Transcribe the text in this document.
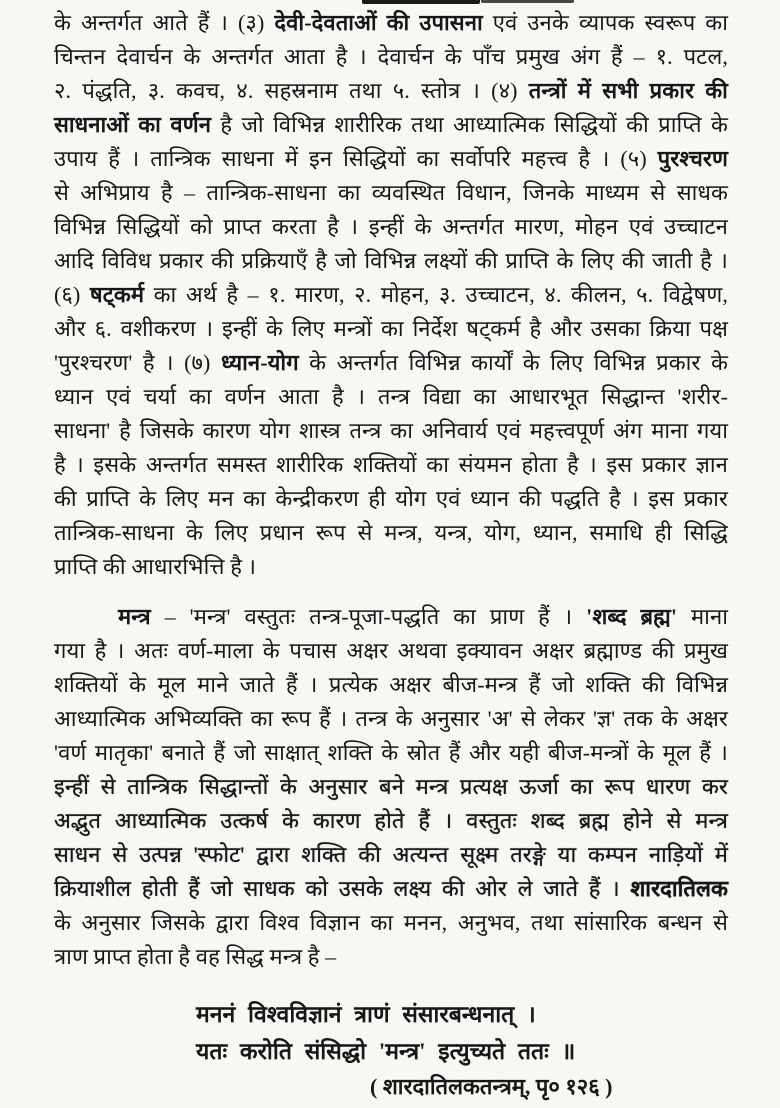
के अन्तर्गत आते हैं । (३) देवी-देवताओं की उपासना एवं उनके व्यापक स्वरूप का
चिन्तन देवार्चन के अन्तर्गत आता है । देवार्चन के पाँच प्रमुख अंग हैं – १. पटल,
२. पंद्धति, ३. कवच, ४. सहस्रनाम तथा ५. स्तोत्र । (४) तन्त्रों में सभी प्रकार की
साधनाओं का वर्णन है जो विभिन्न शारीरिक तथा आध्यात्मिक सिद्धियों की प्राप्ति के
उपाय हैं । तान्त्रिक साधना में इन सिद्धियों का सर्वोपरि महत्त्व है । (५) पुरश्चरण
से अभिप्राय है – तान्त्रिक-साधना का व्यवस्थित विधान, जिनके माध्यम से साधक
विभिन्न सिद्धियों को प्राप्त करता है । इन्हीं के अन्तर्गत मारण, मोहन एवं उच्चाटन
आदि विविध प्रकार की प्रक्रियाएँ है जो विभिन्न लक्ष्यों की प्राप्ति के लिए की जाती है ।
(६) षट्कर्म का अर्थ है – १. मारण, २. मोहन, ३. उच्चाटन, ४. कीलन, ५. विद्वेषण,
और ६. वशीकरण । इन्हीं के लिए मन्त्रों का निर्देश षट्कर्म है और उसका क्रिया पक्ष
'पुरश्चरण' है । (७) ध्यान-योग के अन्तर्गत विभिन्न कार्यों के लिए विभिन्न प्रकार के
ध्यान एवं चर्या का वर्णन आता है । तन्त्र विद्या का आधारभूत सिद्धान्त 'शरीर-
साधना' है जिसके कारण योग शास्त्र तन्त्र का अनिवार्य एवं महत्त्वपूर्ण अंग माना गया
है । इसके अन्तर्गत समस्त शारीरिक शक्तियों का संयमन होता है । इस प्रकार ज्ञान
की प्राप्ति के लिए मन का केन्द्रीकरण ही योग एवं ध्यान की पद्धति है । इस प्रकार
तान्त्रिक-साधना के लिए प्रधान रूप से मन्त्र, यन्त्र, योग, ध्यान, समाधि ही सिद्धि
प्राप्ति की आधारभित्ति है ।
मन्त्र – 'मन्त्र' वस्तुतः तन्त्र-पूजा-पद्धति का प्राण हैं । 'शब्द ब्रह्म' माना
गया है । अतः वर्ण-माला के पचास अक्षर अथवा इक्यावन अक्षर ब्रह्माण्ड की प्रमुख
शक्तियों के मूल माने जाते हैं । प्रत्येक अक्षर बीज-मन्त्र हैं जो शक्ति की विभिन्न
आध्यात्मिक अभिव्यक्ति का रूप हैं । तन्त्र के अनुसार 'अ' से लेकर 'ज्ञ' तक के अक्षर
'वर्ण मातृका' बनाते हैं जो साक्षात् शक्ति के स्रोत हैं और यही बीज-मन्त्रों के मूल हैं ।
इन्हीं से तान्त्रिक सिद्धान्तों के अनुसार बने मन्त्र प्रत्यक्ष ऊर्जा का रूप धारण कर
अद्भुत आध्यात्मिक उत्कर्ष के कारण होते हैं । वस्तुतः शब्द ब्रह्म होने से मन्त्र
साधन से उत्पन्न 'स्फोट' द्वारा शक्ति की अत्यन्त सूक्ष्म तरङ्गे या कम्पन नाड़ियों में
क्रियाशील होती हैं जो साधक को उसके लक्ष्य की ओर ले जाते हैं । शारदातिलक
के अनुसार जिसके द्वारा विश्व विज्ञान का मनन, अनुभव, तथा सांसारिक बन्धन से
त्राण प्राप्त होता है वह सिद्ध मन्त्र है –
मननं विश्वविज्ञानं त्राणं संसारबन्धनात् ।
यतः करोति संसिद्धो 'मन्त्र' इत्युच्यते ततः ॥
( शारदातिलकतन्त्रम्, पृ० १२६ )
